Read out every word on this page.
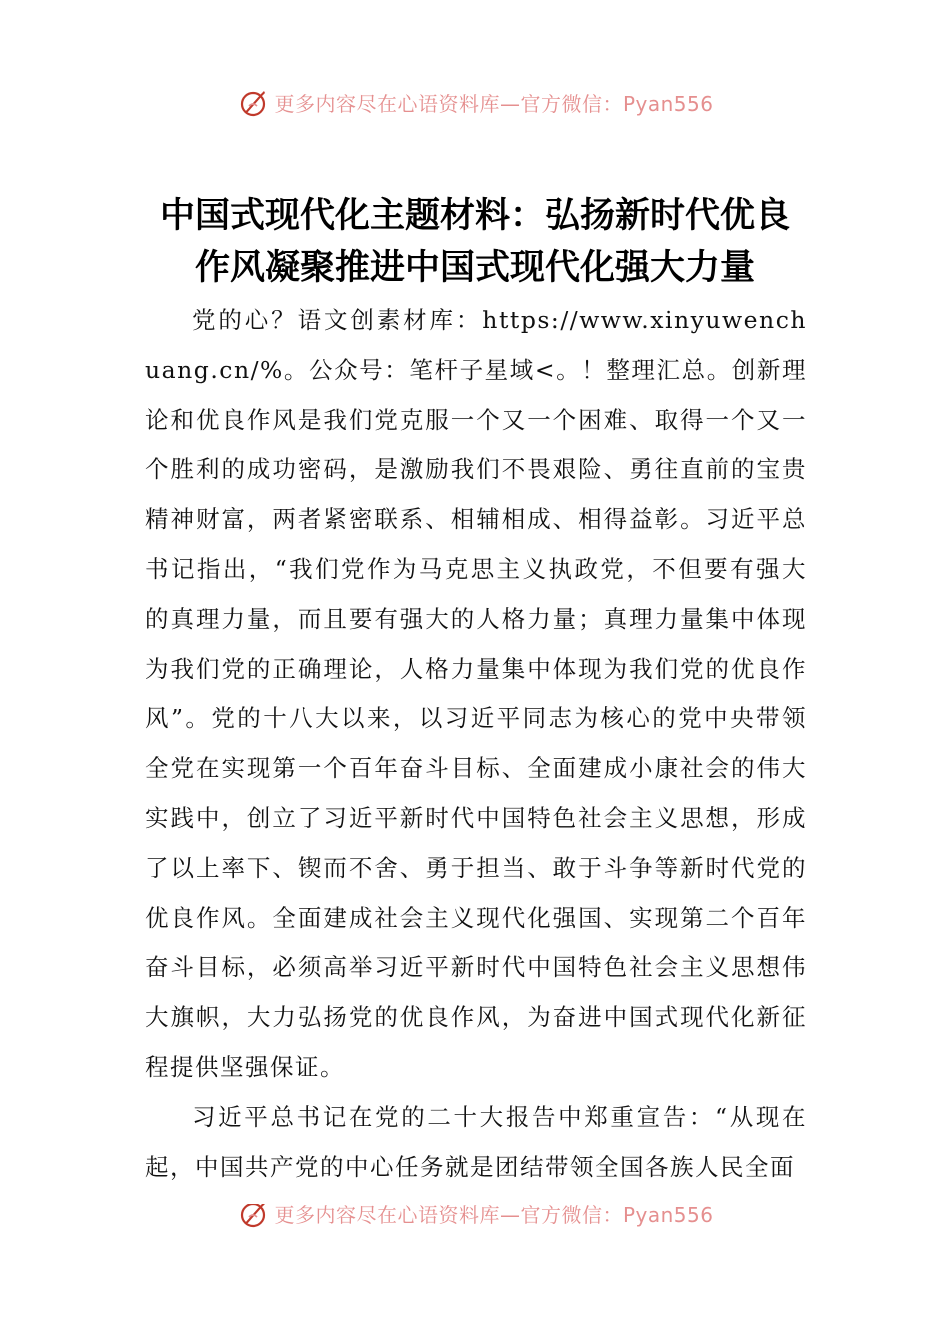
更多内容尽在心语资料库—官方微信：Pyan556
中国式现代化主题材料：弘扬新时代优良
作风凝聚推进中国式现代化强大力量

党的心？语文创素材库：https://www.xinyuwenchuang.cn/%。公众号：笔杆子星域<。！整理汇总。创新理论和优良作风是我们党克服一个又一个困难、取得一个又一个胜利的成功密码，是激励我们不畏艰险、勇往直前的宝贵精神财富，两者紧密联系、相辅相成、相得益彰。习近平总书记指出，“我们党作为马克思主义执政党，不但要有强大的真理力量，而且要有强大的人格力量；真理力量集中体现为我们党的正确理论，人格力量集中体现为我们党的优良作风”。党的十八大以来，以习近平同志为核心的党中央带领全党在实现第一个百年奋斗目标、全面建成小康社会的伟大实践中，创立了习近平新时代中国特色社会主义思想，形成了以上率下、锲而不舍、勇于担当、敢于斗争等新时代党的优良作风。全面建成社会主义现代化强国、实现第二个百年奋斗目标，必须高举习近平新时代中国特色社会主义思想伟大旗帜，大力弘扬党的优良作风，为奋进中国式现代化新征程提供坚强保证。

习近平总书记在党的二十大报告中郑重宣告：“从现在起，中国共产党的中心任务就是团结带领全国各族人民全面

更多内容尽在心语资料库—官方微信：Pyan556
